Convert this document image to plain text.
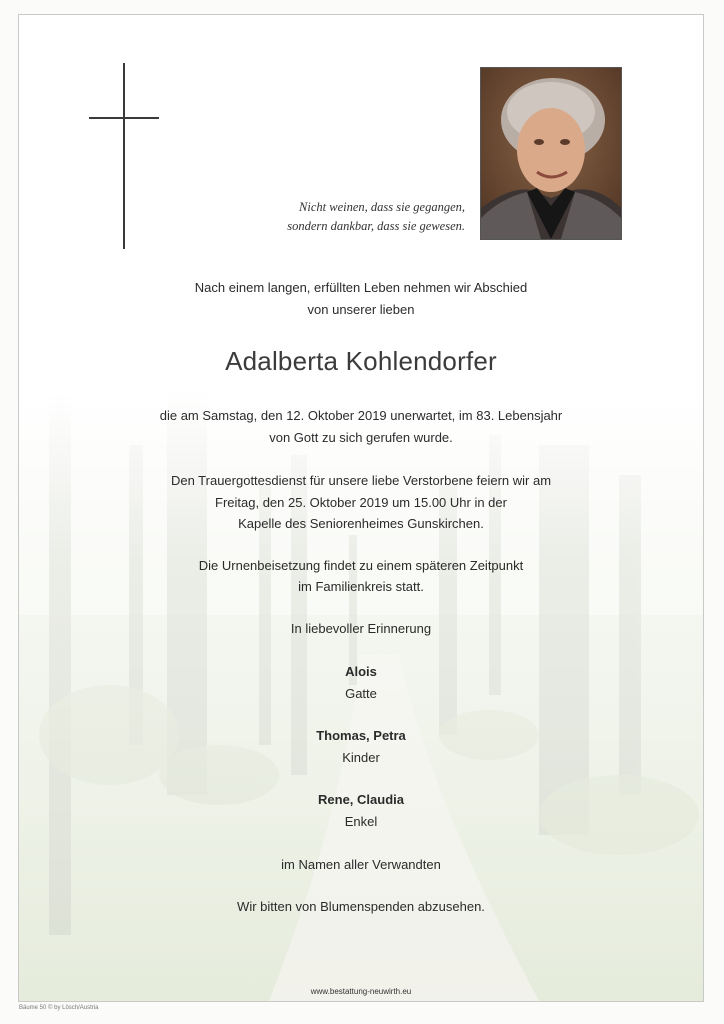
Nicht weinen, dass sie gegangen,
sondern dankbar, dass sie gewesen.

Nach einem langen, erfüllten Leben nehmen wir Abschied
von unserer lieben

Adalberta Kohlendorfer

die am Samstag, den 12. Oktober 2019 unerwartet, im 83. Lebensjahr
von Gott zu sich gerufen wurde.

Den Trauergottesdienst für unsere liebe Verstorbene feiern wir am
Freitag, den 25. Oktober 2019 um 15.00 Uhr in der
Kapelle des Seniorenheimes Gunskirchen.

Die Urnenbeisetzung findet zu einem späteren Zeitpunkt
im Familienkreis statt.

In liebevoller Erinnerung

Alois
Gatte

Thomas, Petra
Kinder

Rene, Claudia
Enkel

im Namen aller Verwandten

Wir bitten von Blumenspenden abzusehen.

www.bestattung-neuwirth.eu
Bäume 50 © by Lösch/Austria
